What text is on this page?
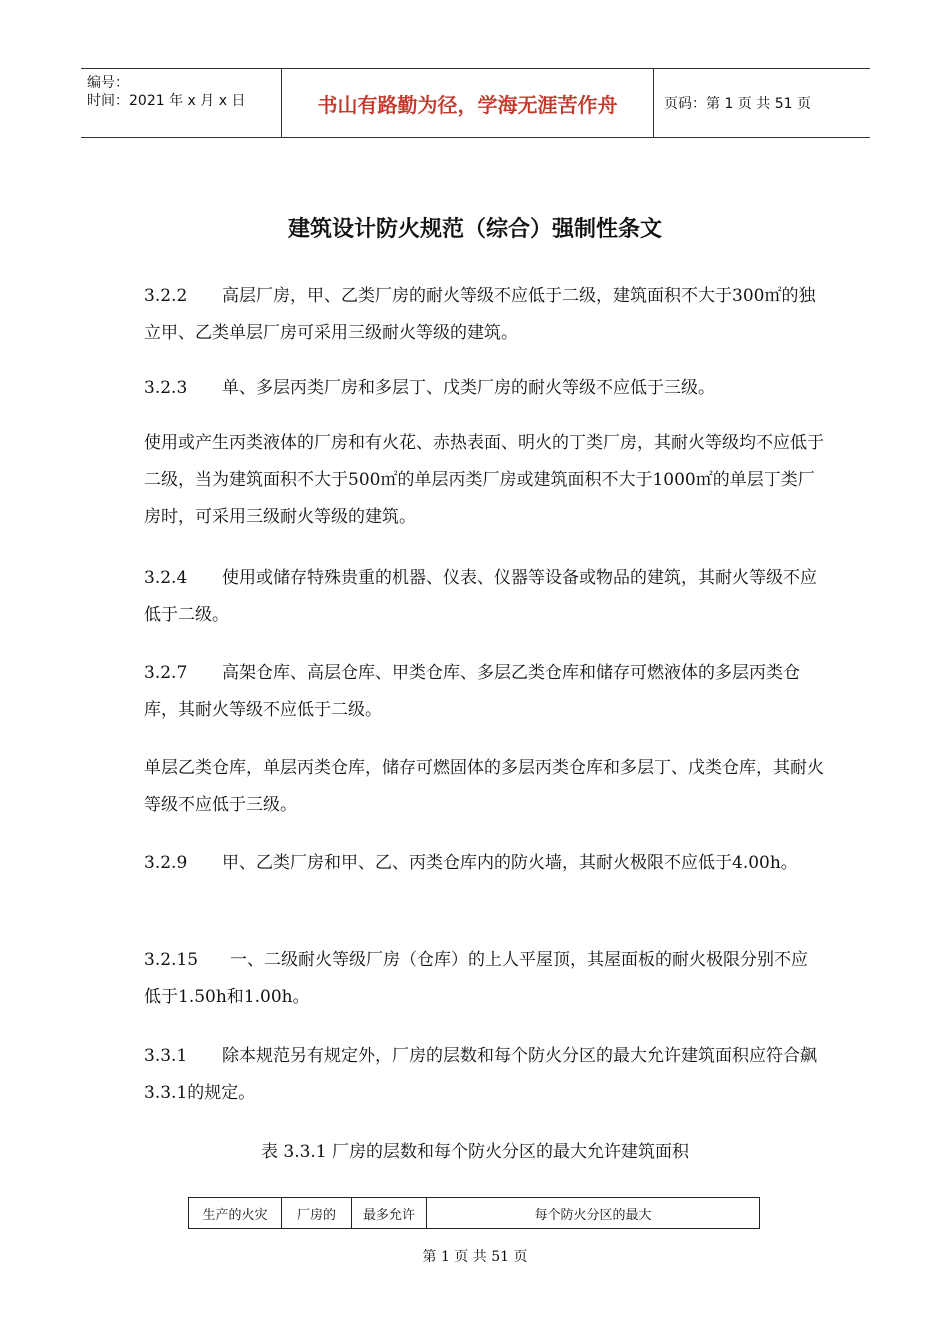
编号：
时间：2021 年 x 月 x 日	书山有路勤为径，学海无涯苦作舟	页码：第 1 页 共 51 页
建筑设计防火规范（综合）强制性条文

3.2.2 高层厂房，甲、乙类厂房的耐火等级不应低于二级，建筑面积不大于300㎡的独立甲、乙类单层厂房可采用三级耐火等级的建筑。

3.2.3 单、多层丙类厂房和多层丁、戊类厂房的耐火等级不应低于三级。

使用或产生丙类液体的厂房和有火花、赤热表面、明火的丁类厂房，其耐火等级均不应低于二级，当为建筑面积不大于500㎡的单层丙类厂房或建筑面积不大于1000㎡的单层丁类厂房时，可采用三级耐火等级的建筑。

3.2.4 使用或储存特殊贵重的机器、仪表、仪器等设备或物品的建筑，其耐火等级不应低于二级。

3.2.7 高架仓库、高层仓库、甲类仓库、多层乙类仓库和储存可燃液体的多层丙类仓库，其耐火等级不应低于二级。

单层乙类仓库，单层丙类仓库，储存可燃固体的多层丙类仓库和多层丁、戊类仓库，其耐火等级不应低于三级。

3.2.9 甲、乙类厂房和甲、乙、丙类仓库内的防火墙，其耐火极限不应低于4.00h。

3.2.15 一、二级耐火等级厂房（仓库）的上人平屋顶，其屋面板的耐火极限分别不应低于1.50h和1.00h。

3.3.1 除本规范另有规定外，厂房的层数和每个防火分区的最大允许建筑面积应符合飙3.3.1的规定。

表 3.3.1 厂房的层数和每个防火分区的最大允许建筑面积
生产的火灾	厂房的	最多允许	每个防火分区的最大
第 1 页 共 51 页
